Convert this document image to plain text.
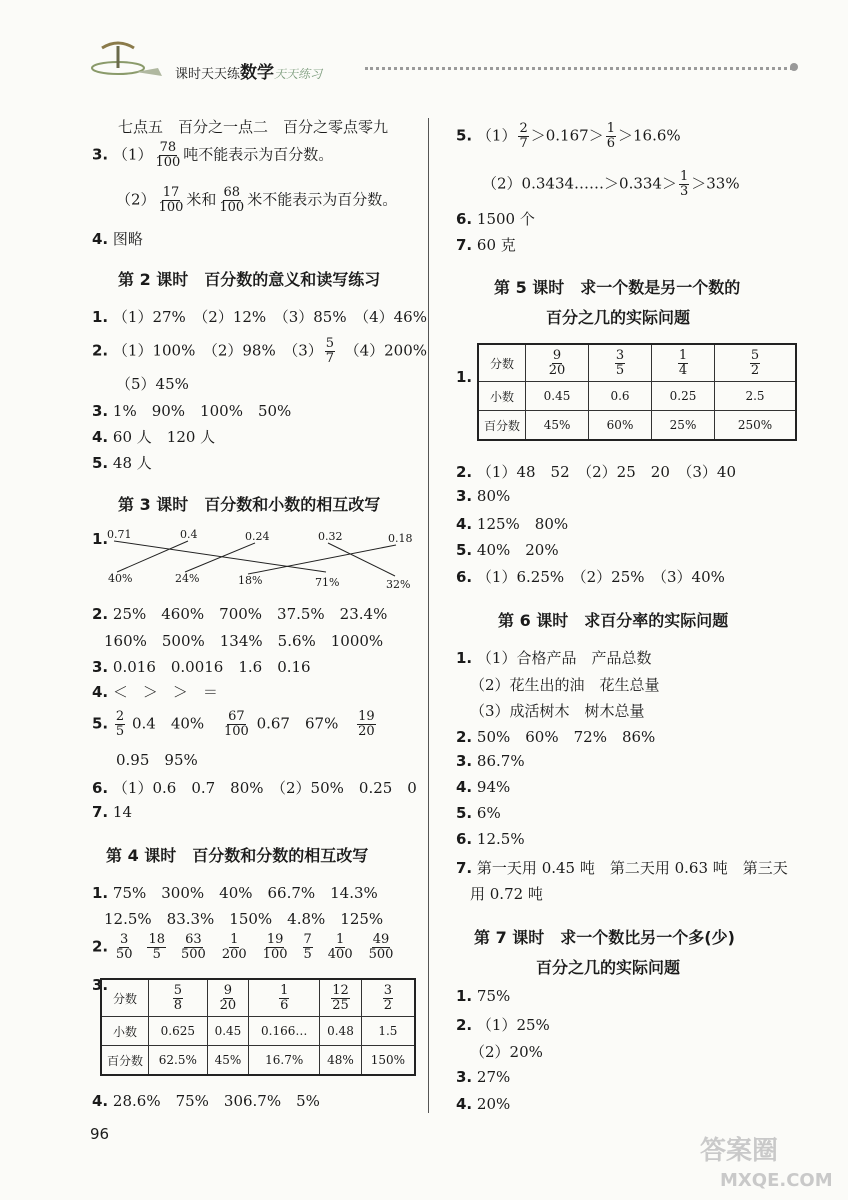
课时天天练数学天天练习
七点五　百分之一点二　百分之零点零九
3. $(1) \frac{78}{100}$ 吨不能表示为百分数。
$(2) \frac{17}{100}$ 米和 $\frac{68}{100}$ 米不能表示为百分数。
4. 图略
第 2 课时　百分数的意义和读写练习
1. （1）27%　（2）12%　（3）85%　（4）46%
2. （1）100%　（2）98%　$(3) \frac{5}{7}$ 　（4）200%
（5）45%
3. 1%　90%　100%　50%
4. 60 人　120 人
5. 48 人
第 3 课时　百分数和小数的相互改写
1.
0.71	0.4	0.24	0.32	0.18
40%	24%	18%	71%	32%
2. 25%　460%　700%　37.5%　23.4%
160%　500%　134%　5.6%　1000%
3. 0.016　0.0016　1.6　0.16
4. ＜　＞　＞　＝
5. $\frac{2}{5} 0.4$　$40\% \frac{67}{100} 0.67$　$67\% \frac{19}{20}$
0.95　95%
6. （1）0.6　0.7　80%　（2）50%　0.25　0
7. 14
第 4 课时　百分数和分数的相互改写
1. 75%　300%　40%　66.7%　14.3%
12.5%　83.3%　150%　4.8%　125%
2. $\frac{3}{50} \frac{18}{5} \frac{63}{500} \frac{1}{200} \frac{19}{100} \frac{7}{5} \frac{1}{400} \frac{49}{500}$
3.
分数	$\frac{5}{8}$	$\frac{9}{20}$	$\frac{1}{6}$	$\frac{12}{25}$	$\frac{3}{2}$

小数	0.625	0.45	0.166…	0.48	1.5
百分数	62.5%	45%	16.7%	48%	150%
4. 28.6%　75%　306.7%　5%
5. $(1) \frac{2}{7} >0.167> \frac{1}{6} >16.6\%$
（2）0.3434……＞0.334＞ $\frac{1}{3} >33\%$
6. 1500 个
7. 60 克
第 5 课时　求一个数是另一个数的
百分之几的实际问题
1.
分数	$\frac{9}{20}$	$\frac{3}{5}$	$\frac{1}{4}$	$\frac{5}{2}$

小数	0.45	0.6	0.25	2.5
百分数	45%	60%	25%	250%
2. （1）48　52　（2）25　20　（3）40
3. 80%
4. 125%　80%
5. 40%　20%
6. （1）6.25%　（2）25%　（3）40%
第 6 课时　求百分率的实际问题
1. （1）合格产品　产品总数
（2）花生出的油　花生总量
（3）成活树木　树木总量
2. 50%　60%　72%　86%
3. 86.7%
4. 94%
5. 6%
6. 12.5%
7. 第一天用 0.45 吨　第二天用 0.63 吨　第三天
用 0.72 吨
第 7 课时　求一个数比另一个多(少)
百分之几的实际问题
1. 75%
2. （1）25%
（2）20%
3. 27%
4. 20%
96
答案圈
MXQE.COM
